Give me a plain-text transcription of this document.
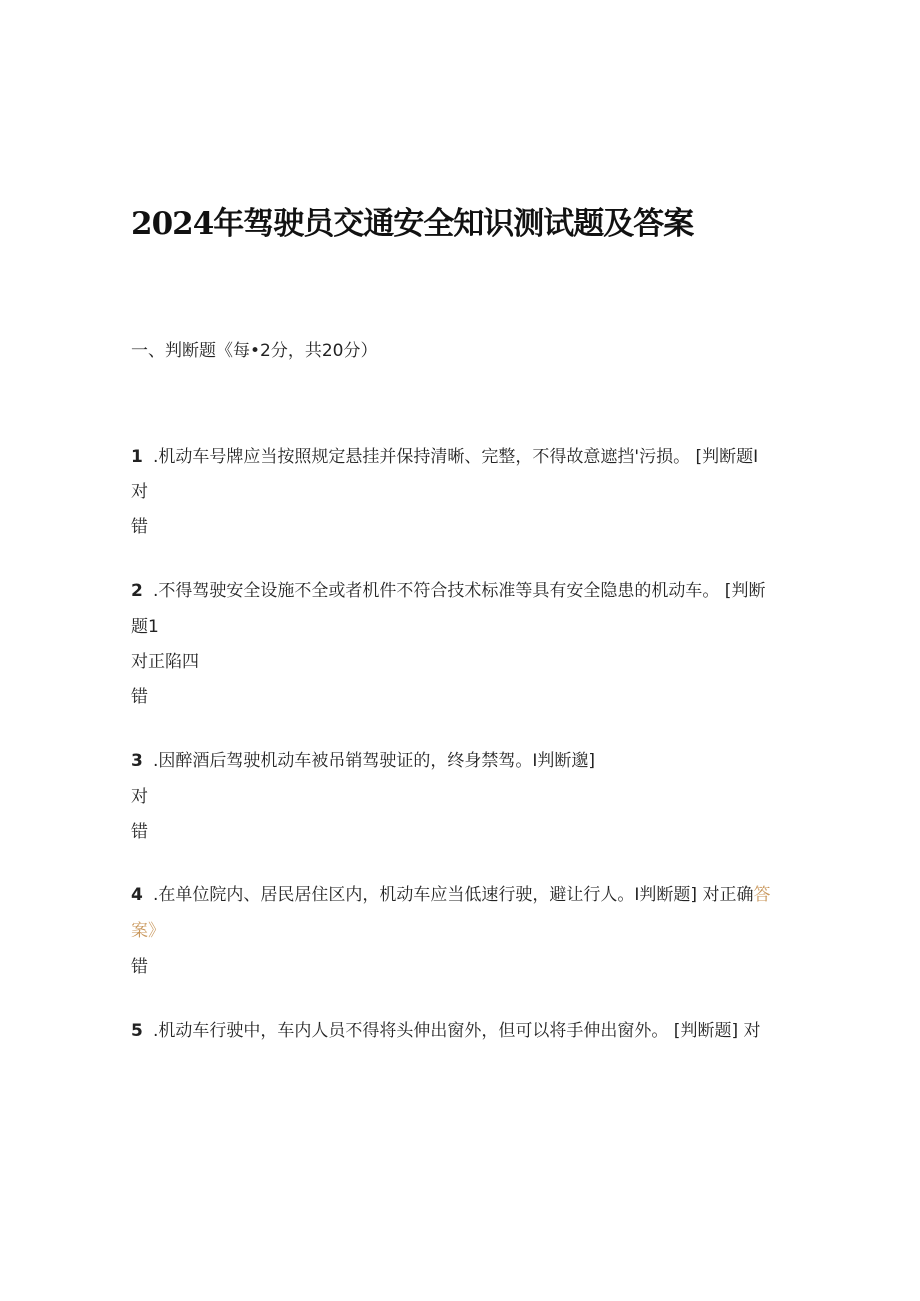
2024年驾驶员交通安全知识测试题及答案
一、判断题《每•2分，共20分）
1 .机动车号牌应当按照规定悬挂并保持清晰、完整，不得故意遮挡'污损。 [判断题I
对
错
2 .不得驾驶安全设施不全或者机件不符合技术标准等具有安全隐患的机动车。 [判断
题1
对正陷四
错
3 .因醉酒后驾驶机动车被吊销驾驶证的，终身禁驾。I判断邈]
对
错
4 .在单位院内、居民居住区内，机动车应当低速行驶，避让行人。I判断题] 对正确答
案》
错
5 .机动车行驶中，车内人员不得将头伸出窗外，但可以将手伸出窗外。 [判断题] 对
